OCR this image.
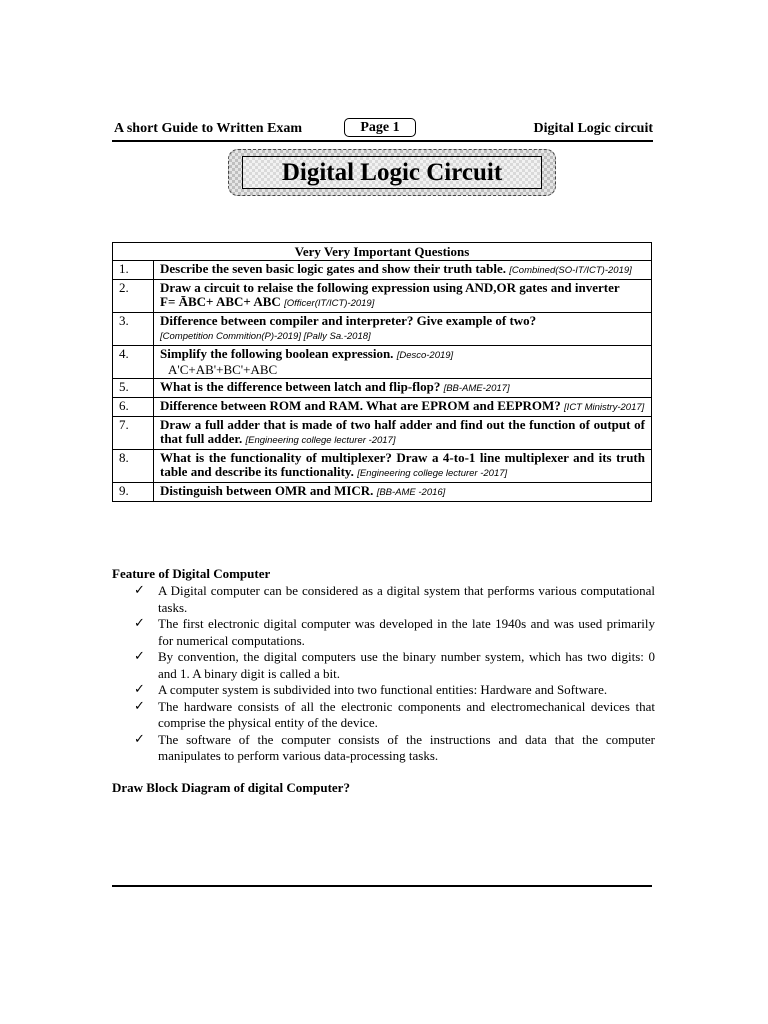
A short Guide to Written Exam	Page 1	Digital Logic circuit
Digital Logic Circuit
Very Very Important Questions	
1.	Describe the seven basic logic gates and show their truth table. [Combined(SO-IT/ICT)-2019]
2.	Draw a circuit to relaise the following expression using AND,OR gates and inverter
F= ĀBC+ ABC+ ABC [Officer(IT/ICT)-2019]

3.	Difference between compiler and interpreter? Give example of two?
[Competition Commition(P)-2019] [Pally Sa.-2018]
4.	Simplify the following boolean expression. [Desco-2019]
A'C+AB'+BC'+ABC

5.	What is the difference between latch and flip-flop? [BB-AME-2017]
6.	Difference between ROM and RAM. What are EPROM and EEPROM? [ICT Ministry-2017]
7.	Draw a full adder that is made of two half adder and find out the function of output of that full adder. [Engineering college lecturer -2017]
8.	What is the functionality of multiplexer? Draw a 4-to-1 line multiplexer and its truth table and describe its functionality. [Engineering college lecturer -2017]
9.	Distinguish between OMR and MICR. [BB-AME -2016]
Feature of Digital Computer
✓ A Digital computer can be considered as a digital system that performs various computational tasks.
✓ The first electronic digital computer was developed in the late 1940s and was used primarily for numerical computations.
✓ By convention, the digital computers use the binary number system, which has two digits: 0 and 1. A binary digit is called a bit.
✓ A computer system is subdivided into two functional entities: Hardware and Software.
✓ The hardware consists of all the electronic components and electromechanical devices that comprise the physical entity of the device.
✓ The software of the computer consists of the instructions and data that the computer manipulates to perform various data-processing tasks.
Draw Block Diagram of digital Computer?
